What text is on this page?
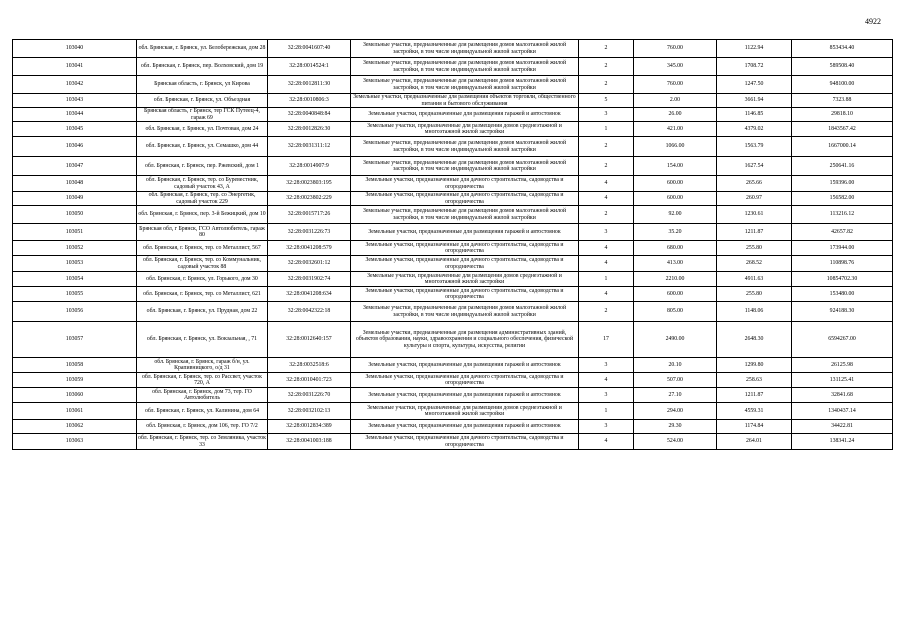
4922
103040	обл. Брянская, г. Брянск, ул. Белобережская, дом 28	32:28:0041607:40	Земельные участки, предназначенные для размещения домов малоэтажной жилой застройки, в том числе индивидуальной жилой застройки	2	760.00	1122.94	853434.40
103041	обл. Брянская, г. Брянск, пер. Волховский, дом 19	32:28:0014524:1	Земельные участки, предназначенные для размещения домов малоэтажной жилой застройки, в том числе индивидуальной жилой застройки	2	345.00	1708.72	589508.40
103042	Брянская область, г. Брянск, ул Кирова	32:28:0012811:30	Земельные участки, предназначенные для размещения домов малоэтажной жилой застройки, в том числе индивидуальной жилой застройки	2	760.00	1247.50	948100.00
103043	обл. Брянская, г. Брянск, ул. Объездная	32:28:0010806:3	Земельные участки, предназначенные для размещения объектов торговли, общественного питания и бытового обслуживания	5	2.00	3661.94	7323.88
103044	Брянская область, г Брянск, тер ГСК Путеец-4, гараж 69	32:28:0040848:84	Земельные участки, предназначенные для размещения гаражей и автостоянок	3	26.00	1146.85	29818.10
103045	обл. Брянская, г. Брянск, ул. Почтовая, дом 24	32:28:0012826:30	Земельные участки, предназначенные для размещения домов среднеэтажной и многоэтажной жилой застройки	1	421.00	4379.02	1843567.42
103046	обл. Брянская, г. Брянск, ул. Семашко, дом 44	32:28:0031311:12	Земельные участки, предназначенные для размещения домов малоэтажной жилой застройки, в том числе индивидуальной жилой застройки	2	1066.00	1563.79	1667000.14
103047	обл. Брянская, г. Брянск, пер. Ржевский, дом 1	32:28:0014907:9	Земельные участки, предназначенные для размещения домов малоэтажной жилой застройки, в том числе индивидуальной жилой застройки	2	154.00	1627.54	250641.16
103048	обл. Брянская, г. Брянск, тер. со Буревестник, садовый участок 43, А	32:28:0023803:195	Земельные участки, предназначенные для дачного строительства, садоводства и огородничества	4	600.00	265.66	159396.00
103049	обл. Брянская, г. Брянск, тер. со Энергетик, садовый участок 229	32:28:0023802:229	Земельные участки, предназначенные для дачного строительства, садоводства и огородничества	4	600.00	260.97	156582.00
103050	обл. Брянская, г. Брянск, пер. 3-й Бежицкий, дом 10	32:28:0015717:26	Земельные участки, предназначенные для размещения домов малоэтажной жилой застройки, в том числе индивидуальной жилой застройки	2	92.00	1230.61	113216.12
103051	Брянская обл, г Брянск, ГСО Автолюбитель, гараж 80	32:28:0031226:73	Земельные участки, предназначенные для размещения гаражей и автостоянок	3	35.20	1211.87	42657.82
103052	обл. Брянская, г. Брянск, тер. со Металлист, 567	32:28:0041208:579	Земельные участки, предназначенные для дачного строительства, садоводства и огородничества	4	680.00	255.80	173944.00
103053	обл. Брянская, г. Брянск, тер. со Коммунальник, садовый участок 88	32:28:0032601:12	Земельные участки, предназначенные для дачного строительства, садоводства и огородничества	4	413.00	268.52	110898.76
103054	обл. Брянская, г. Брянск, ул. Горького, дом 30	32:28:0031902:74	Земельные участки, предназначенные для размещения домов среднеэтажной и многоэтажной жилой застройки	1	2210.00	4911.63	10854702.30
103055	обл. Брянская, г. Брянск, тер. со Металлист, 621	32:28:0041208:634	Земельные участки, предназначенные для дачного строительства, садоводства и огородничества	4	600.00	255.80	153480.00
103056	обл. Брянская, г. Брянск, ул. Прудная, дом 22	32:28:0042322:18	Земельные участки, предназначенные для размещения домов малоэтажной жилой застройки, в том числе индивидуальной жилой застройки	2	805.00	1148.06	924188.30
103057	обл. Брянская, г. Брянск, ул. Вокзальная, , 71	32:28:0012640:157	Земельные участки, предназначенные для размещения административных зданий, объектов образования, науки, здравоохранения и социального обеспечения, физической культуры и спорта, культуры, искусства, религии	17	2490.00	2648.30	6594267.00
103058	обл. Брянская, г. Брянск, гараж б/н, ул. Крапивницкого, о/д 31	32:28:0032518:6	Земельные участки, предназначенные для размещения гаражей и автостоянок	3	20.10	1299.80	26125.98
103059	обл. Брянская, г. Брянск, тер. со Рассвет, участок 720, А	32:28:0010401:723	Земельные участки, предназначенные для дачного строительства, садоводства и огородничества	4	507.00	258.63	131125.41
103060	обл. Брянская, г. Брянск, дом 73, тер. ГО Автолюбитель	32:28:0031226:70	Земельные участки, предназначенные для размещения гаражей и автостоянок	3	27.10	1211.87	32841.68
103061	обл. Брянская, г. Брянск, ул. Калинина, дом 64	32:28:0032102:13	Земельные участки, предназначенные для размещения домов среднеэтажной и многоэтажной жилой застройки	1	294.00	4559.31	1340437.14
103062	обл. Брянская, г. Брянск, дом 106, тер. ГО 7/2	32:28:0012834:389	Земельные участки, предназначенные для размещения гаражей и автостоянок	3	29.30	1174.84	34422.81
103063	обл. Брянская, г. Брянск, тер. со Земляника, участок 33	32:28:0041003:188	Земельные участки, предназначенные для дачного строительства, садоводства и огородничества	4	524.00	264.01	138341.24
